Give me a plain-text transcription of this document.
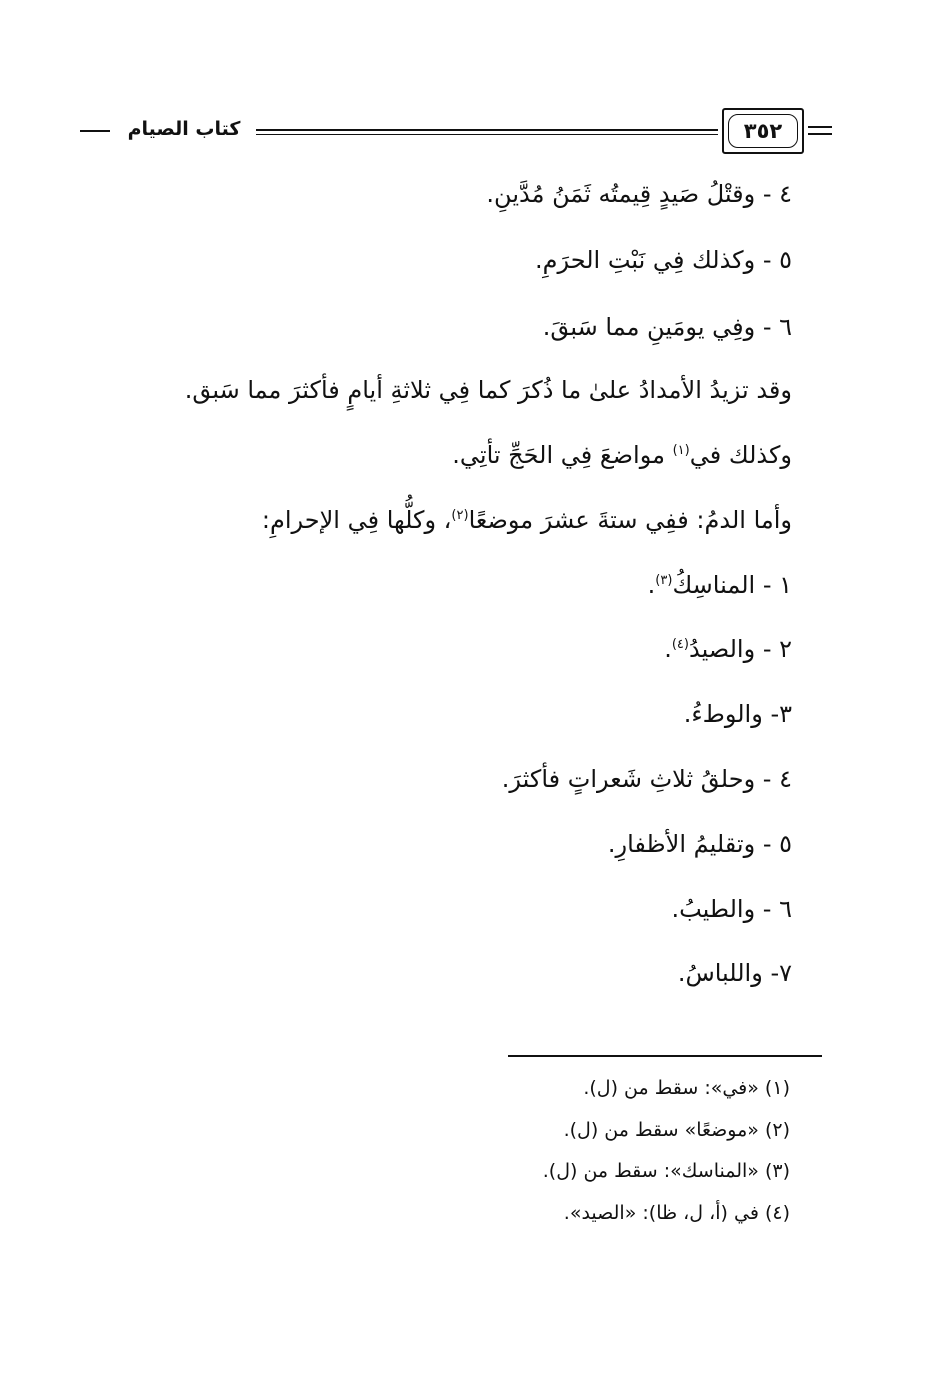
كتاب الصيام	٣٥٢
٤ - وقتْلُ صَيدٍ قِيمتُه ثَمَنُ مُدَّينِ.
٥ - وكذلك فِي نَبْتِ الحرَمِ.
٦ - وفِي يومَينِ مما سَبقَ.
وقد تزيدُ الأمدادُ علىٰ ما ذُكرَ كما فِي ثلاثةِ أيامٍ فأكثرَ مما سَبق.
وكذلك في$^{(١)}$ مواضعَ فِي الحَجِّ تأتِي.
وأما الدمُ: ففِي ستةَ عشرَ موضعًا$^{(٢)}$، وكلُّها فِي الإحرامِ:
١ - المناسِكُ$^{(٣)}$.
٢ - والصيدُ$^{(٤)}$.
٣- والوطءُ.
٤ - وحلقُ ثلاثِ شَعراتٍ فأكثرَ.
٥ - وتقليمُ الأظفارِ.
٦ - والطيبُ.
٧- واللباسُ.
(١) «في»: سقط من (ل).
(٢) «موضعًا» سقط من (ل).
(٣) «المناسك»: سقط من (ل).
(٤) في (أ، ل، ظا): «الصيد».
